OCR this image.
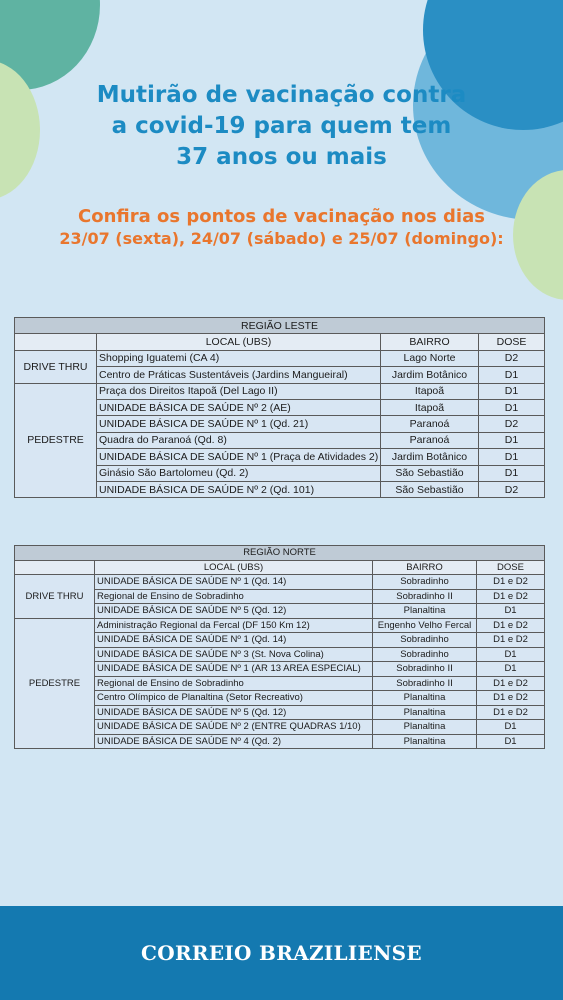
Mutirão de vacinação contra
a covid-19 para quem tem
37 anos ou mais
Confira os pontos de vacinação nos dias
23/07 (sexta), 24/07 (sábado) e 25/07 (domingo):
REGIÃO LESTE			
	LOCAL (UBS)	BAIRRO	DOSE
DRIVE THRU	Shopping Iguatemi (CA 4)	Lago Norte	D2
	Centro de Práticas Sustentáveis (Jardins Mangueiral)	Jardim Botânico	D1
PEDESTRE	Praça dos Direitos Itapoã (Del Lago II)	Itapoã	D1
	UNIDADE BÁSICA DE SAÚDE Nº 2 (AE)	Itapoã	D1
	UNIDADE BÁSICA DE SAÚDE Nº 1 (Qd. 21)	Paranoá	D2
	Quadra do Paranoá (Qd. 8)	Paranoá	D1
	UNIDADE BÁSICA DE SAÚDE Nº 1 (Praça de Atividades 2)	Jardim Botânico	D1
	Ginásio São Bartolomeu (Qd. 2)	São Sebastião	D1
	UNIDADE BÁSICA DE SAÚDE Nº 2 (Qd. 101)	São Sebastião	D2
REGIÃO NORTE			
	LOCAL (UBS)	BAIRRO	DOSE
DRIVE THRU	UNIDADE BÁSICA DE SAÚDE Nº 1 (Qd. 14)	Sobradinho	D1 e D2
	Regional de Ensino de Sobradinho	Sobradinho II	D1 e D2
	UNIDADE BÁSICA DE SAÚDE Nº 5 (Qd. 12)	Planaltina	D1
PEDESTRE	Administração Regional da Fercal (DF 150 Km 12)	Engenho Velho Fercal	D1 e D2
	UNIDADE BÁSICA DE SAÚDE Nº 1 (Qd. 14)	Sobradinho	D1 e D2
	UNIDADE BÁSICA DE SAÚDE Nº 3 (St. Nova Colina)	Sobradinho	D1
	UNIDADE BÁSICA DE SAÚDE Nº 1 (AR 13 AREA ESPECIAL)	Sobradinho II	D1
	Regional de Ensino de Sobradinho	Sobradinho II	D1 e D2
	Centro Olímpico de Planaltina (Setor Recreativo)	Planaltina	D1 e D2
	UNIDADE BÁSICA DE SAÚDE Nº 5 (Qd. 12)	Planaltina	D1 e D2
	UNIDADE BÁSICA DE SAÚDE Nº 2 (ENTRE QUADRAS 1/10)	Planaltina	D1
	UNIDADE BÁSICA DE SAÚDE Nº 4 (Qd. 2)	Planaltina	D1
CORREIO BRAZILIENSE
